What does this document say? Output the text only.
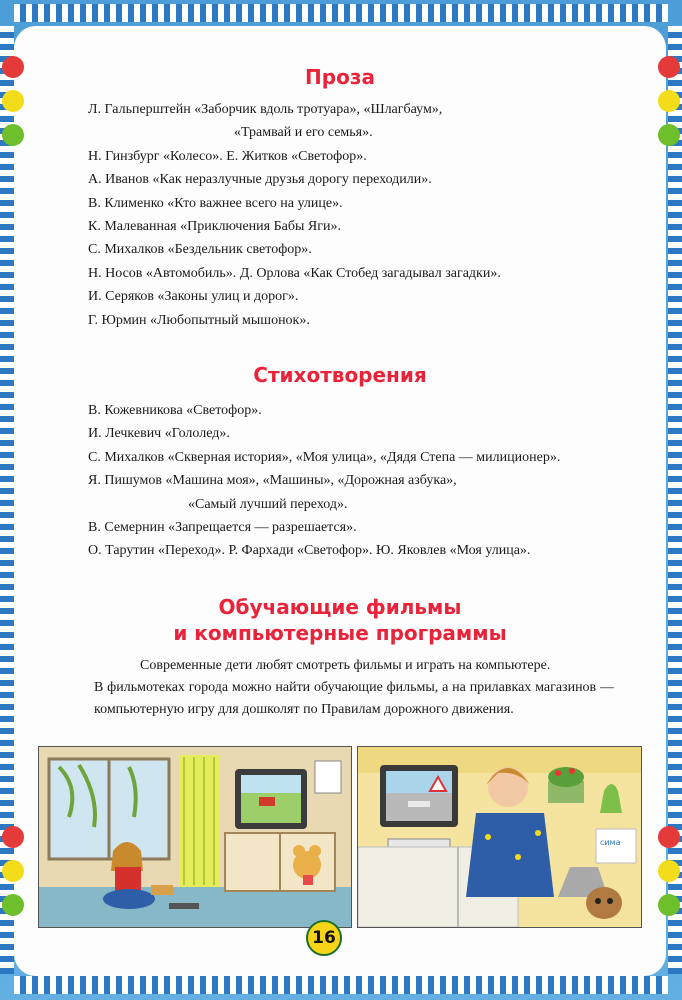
Проза
Л. Гальперштейн «Заборчик вдоль тротуара», «Шлагбаум»,
«Трамвай и его семья».
Н. Гинзбург «Колесо». Е. Житков «Светофор».
А. Иванов «Как неразлучные друзья дорогу переходили».
В. Клименко «Кто важнее всего на улице».
К. Малеванная «Приключения Бабы Яги».
С. Михалков «Бездельник светофор».
Н. Носов «Автомобиль». Д. Орлова «Как Стобед загадывал загадки».
И. Серяков «Законы улиц и дорог».
Г. Юрмин «Любопытный мышонок».
Стихотворения
В. Кожевникова «Светофор».
И. Лечкевич «Гололед».
С. Михалков «Скверная история», «Моя улица», «Дядя Степа — милиционер».
Я. Пишумов «Машина моя», «Машины», «Дорожная азбука»,
«Самый лучший переход».
В. Семернин «Запрещается — разрешается».
О. Тарутин «Переход». Р. Фархади «Светофор». Ю. Яковлев «Моя улица».
Обучающие фильмы
и компьютерные программы

Современные дети любят смотреть фильмы и играть на компьютере.
В фильмотеках города можно найти обучающие фильмы, а на прилавках магазинов — компьютерную игру для дошколят по Правилам дорожного движения.

сима
16
